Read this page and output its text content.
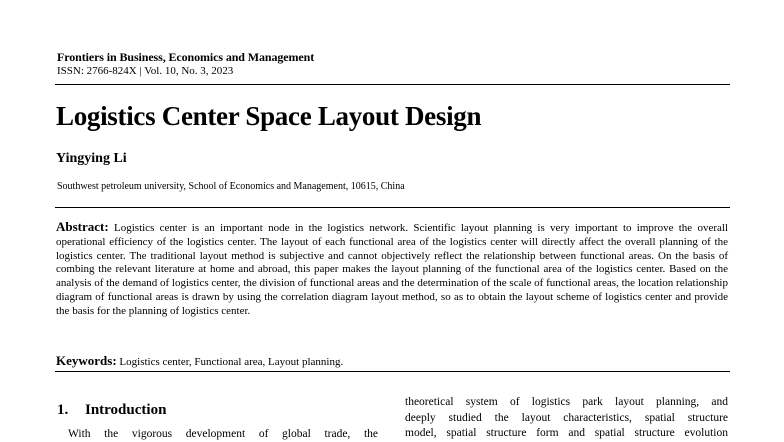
Frontiers in Business, Economics and Management
ISSN: 2766-824X | Vol. 10, No. 3, 2023
Logistics Center Space Layout Design
Yingying Li
Southwest petroleum university, School of Economics and Management, 10615, China
Abstract: Logistics center is an important node in the logistics network. Scientific layout planning is very important to improve the overall operational efficiency of the logistics center. The layout of each functional area of the logistics center will directly affect the overall planning of the logistics center. The traditional layout method is subjective and cannot objectively reflect the relationship between functional areas. On the basis of combing the relevant literature at home and abroad, this paper makes the layout planning of the functional area of the logistics center. Based on the analysis of the demand of logistics center, the division of functional areas and the determination of the scale of functional areas, the location relationship diagram of functional areas is drawn by using the correlation diagram layout method, so as to obtain the layout scheme of logistics center and provide the basis for the planning of logistics center.
Keywords: Logistics center, Functional area, Layout planning.
1. Introduction
With the vigorous development of global trade, the
theoretical system of logistics park layout planning, and
deeply studied the layout characteristics, spatial structure
model, spatial structure form and spatial structure evolution
